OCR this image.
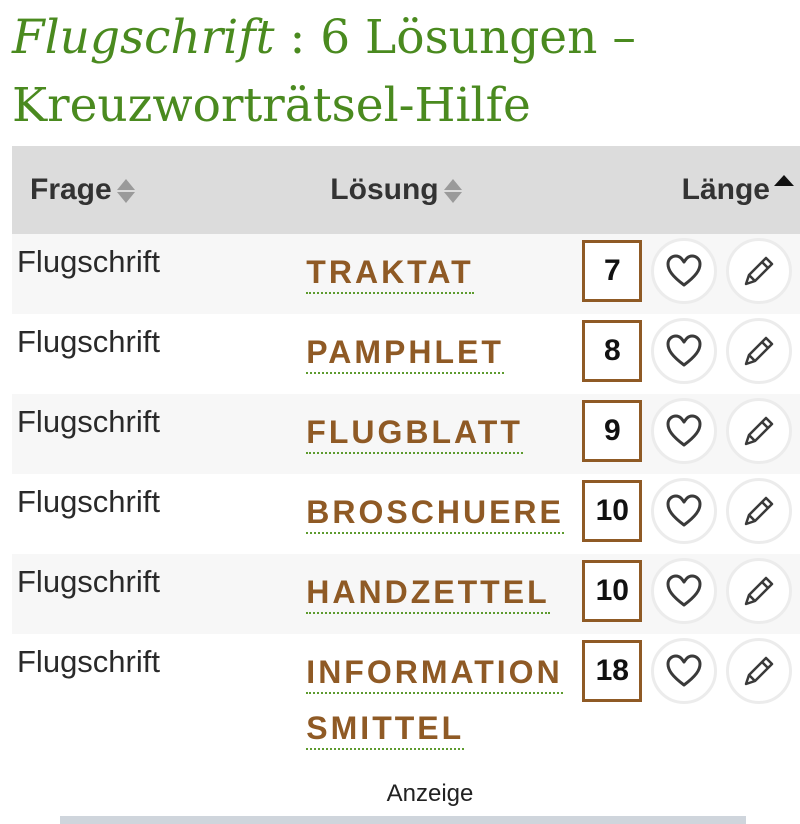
Flugschrift : 6 Lösungen – Kreuzworträtsel-Hilfe
Frage	Lösung	Länge
Flugschrift	TRAKTAT	7

Flugschrift	PAMPHLET	8

Flugschrift	FLUGBLATT	9

Flugschrift	BROSCHUERE	10

Flugschrift	HANDZETTEL	10

Flugschrift	INFORMATIONSMITTEL	18
Anzeige
